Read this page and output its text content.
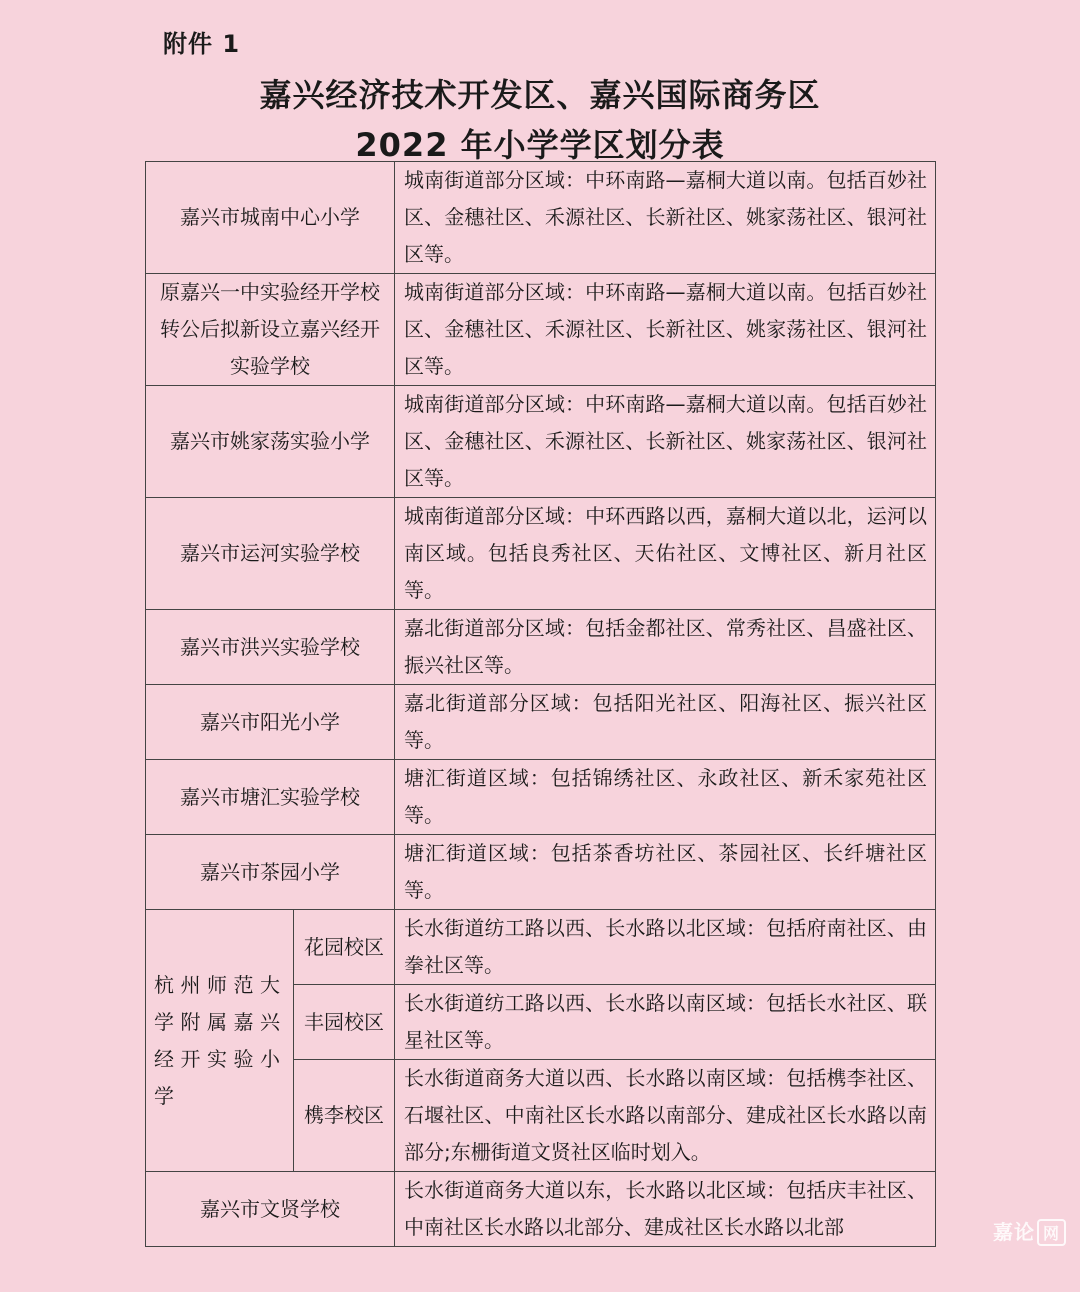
附件 1
嘉兴经济技术开发区、嘉兴国际商务区
2022 年小学学区划分表
嘉兴市城南中心小学		城南街道部分区域：中环南路—嘉桐大道以南。包括百妙社区、金穗社区、禾源社区、长新社区、姚家荡社区、银河社区等。
原嘉兴一中实验经开学校转公后拟新设立嘉兴经开实验学校		城南街道部分区域：中环南路—嘉桐大道以南。包括百妙社区、金穗社区、禾源社区、长新社区、姚家荡社区、银河社区等。
嘉兴市姚家荡实验小学		城南街道部分区域：中环南路—嘉桐大道以南。包括百妙社区、金穗社区、禾源社区、长新社区、姚家荡社区、银河社区等。
嘉兴市运河实验学校		城南街道部分区域：中环西路以西，嘉桐大道以北，运河以南区域。包括良秀社区、天佑社区、文博社区、新月社区等。
嘉兴市洪兴实验学校		嘉北街道部分区域：包括金都社区、常秀社区、昌盛社区、振兴社区等。
嘉兴市阳光小学		嘉北街道部分区域：包括阳光社区、阳海社区、振兴社区等。
嘉兴市塘汇实验学校		塘汇街道区域：包括锦绣社区、永政社区、新禾家苑社区等。
嘉兴市茶园小学		塘汇街道区域：包括茶香坊社区、茶园社区、长纤塘社区等。
杭州师范大学附属嘉兴经开实验小学	花园校区	长水街道纺工路以西、长水路以北区域：包括府南社区、由拳社区等。
	丰园校区	长水街道纺工路以西、长水路以南区域：包括长水社区、联星社区等。
	槜李校区	长水街道商务大道以西、长水路以南区域：包括槜李社区、石堰社区、中南社区长水路以南部分、建成社区长水路以南部分;东栅街道文贤社区临时划入。
嘉兴市文贤学校		长水街道商务大道以东，长水路以北区域：包括庆丰社区、中南社区长水路以北部分、建成社区长水路以北部	嘉论 网
